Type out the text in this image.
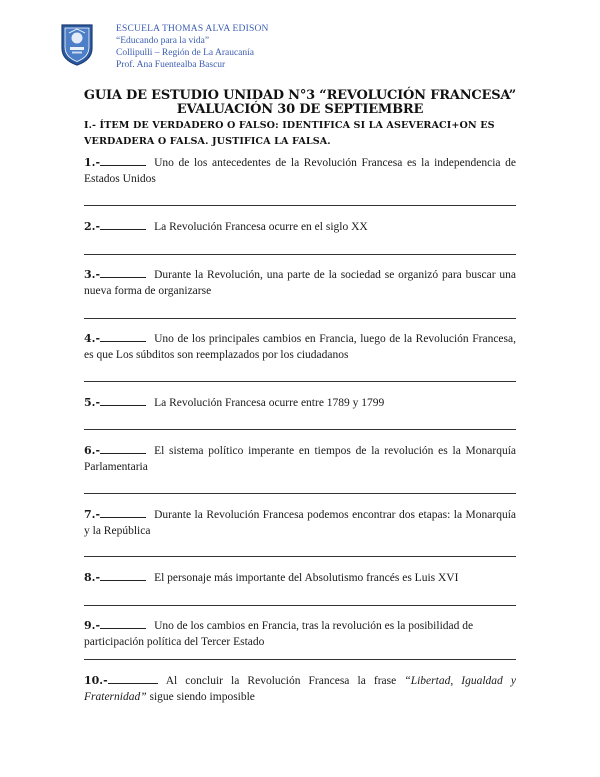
ESCUELA THOMAS ALVA EDISON
“Educando para la vida”
Collipulli – Región de La Araucanía
Prof. Ana Fuentealba Bascur
GUIA DE ESTUDIO UNIDAD N°3 “REVOLUCIÓN FRANCESA”
EVALUACIÓN 30 DE SEPTIEMBRE
I.- ÍTEM DE VERDADERO O FALSO: IDENTIFICA SI LA ASEVERACI+ON ES VERDADERA O FALSA. JUSTIFICA LA FALSA.
1.-	Uno de los antecedentes de la Revolución Francesa es la independencia de Estados Unidos
2.-	La Revolución Francesa ocurre en el siglo XX
3.-	Durante la Revolución, una parte de la sociedad se organizó para buscar una nueva forma de organizarse
4.-	Uno de los principales cambios en Francia, luego de la Revolución Francesa, es que Los súbditos son reemplazados por los ciudadanos
5.-	La Revolución Francesa ocurre entre 1789 y 1799
6.-	El sistema político imperante en tiempos de la revolución es la Monarquía Parlamentaria
7.-	Durante la Revolución Francesa podemos encontrar dos etapas: la Monarquía y la República
8.-	El personaje más importante del Absolutismo francés es Luis XVI
9.-	Uno de los cambios en Francia, tras la revolución es la posibilidad de
participación política del Tercer Estado
10.-	Al concluir la Revolución Francesa la frase “Libertad, Igualdad y Fraternidad” sigue siendo imposible
